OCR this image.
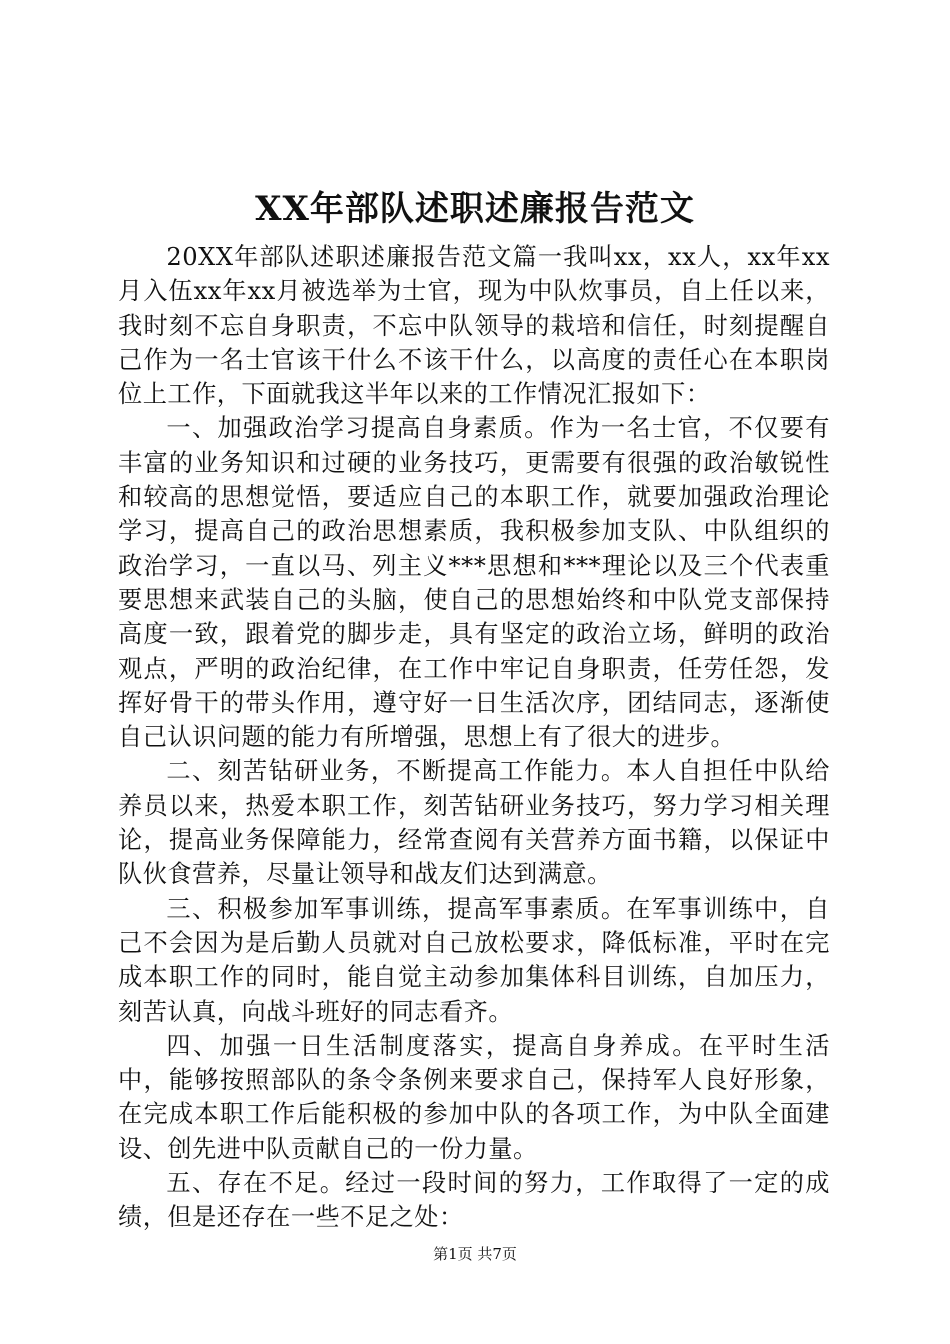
XX年部队述职述廉报告范文

20XX年部队述职述廉报告范文篇一我叫xx，xx人，xx年xx月入伍xx年xx月被选举为士官，现为中队炊事员，自上任以来，我时刻不忘自身职责，不忘中队领导的栽培和信任，时刻提醒自己作为一名士官该干什么不该干什么，以高度的责任心在本职岗位上工作，下面就我这半年以来的工作情况汇报如下：

一、加强政治学习提高自身素质。作为一名士官，不仅要有丰富的业务知识和过硬的业务技巧，更需要有很强的政治敏锐性和较高的思想觉悟，要适应自己的本职工作，就要加强政治理论学习，提高自己的政治思想素质，我积极参加支队、中队组织的政治学习，一直以马、列主义***思想和***理论以及三个代表重要思想来武装自己的头脑，使自己的思想始终和中队党支部保持高度一致，跟着党的脚步走，具有坚定的政治立场，鲜明的政治观点，严明的政治纪律，在工作中牢记自身职责，任劳任怨，发挥好骨干的带头作用，遵守好一日生活次序，团结同志，逐渐使自己认识问题的能力有所增强，思想上有了很大的进步。

二、刻苦钻研业务，不断提高工作能力。本人自担任中队给养员以来，热爱本职工作，刻苦钻研业务技巧，努力学习相关理论，提高业务保障能力，经常查阅有关营养方面书籍，以保证中队伙食营养，尽量让领导和战友们达到满意。

三、积极参加军事训练，提高军事素质。在军事训练中，自己不会因为是后勤人员就对自己放松要求，降低标准，平时在完成本职工作的同时，能自觉主动参加集体科目训练，自加压力，刻苦认真，向战斗班好的同志看齐。

四、加强一日生活制度落实，提高自身养成。在平时生活中，能够按照部队的条令条例来要求自己，保持军人良好形象，在完成本职工作后能积极的参加中队的各项工作，为中队全面建设、创先进中队贡献自己的一份力量。

五、存在不足。经过一段时间的努力，工作取得了一定的成绩，但是还存在一些不足之处：

第1页 共7页
